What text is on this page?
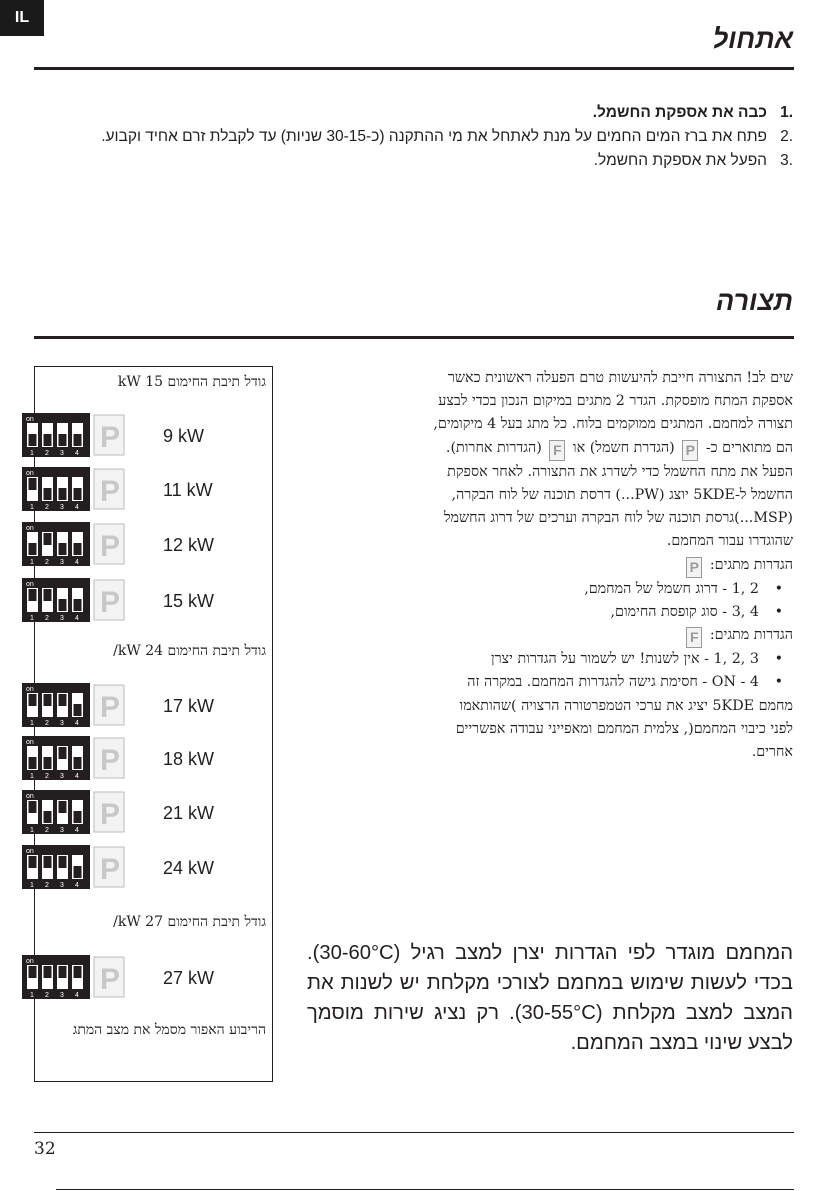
IL
אתחול
.1
כבה את אספקת החשמל.
.2
פתח את ברז המים החמים על מנת לאתחל את מי ההתקנה (כ-30-15 שניות) עד לקבלת זרם אחיד וקבוע.
.3
הפעל את אספקת החשמל.
תצורה
שים לב! התצורה חייבת להיעשות טרם הפעלה ראשונית כאשר
אספקת המתח מופסקת. הגדר 2 מתגים במיקום הנכון בכדי לבצע
תצורה למחמם. המתגים ממוקמים בלוח. כל מתג בעל 4 מיקומים,
הם מתוארים כ- P (הגדרת חשמל) או F (הגדרות אחרות).
הפעל את מתח החשמל כדי לשדרג את התצורה. לאחר אספקת
החשמל ל-5KDE יוצג (PW...) דרסת תוכנה של לוח הבקרה,
(MSP...)גרסת תוכנה של לוח הבקרה וערכים של דרוג החשמל
שהוגדרו עבור המחמם.
הגדרות מתגים: P
•
2 ,1 - דרוג חשמל של המחמם,
•
4 ,3 - סוג קופסת החימום,
הגדרות מתגים: F
•
3 ,2 ,1 - אין לשנות! יש לשמור על הגדרות יצרן
•
4 - ON - חסימת גישה להגדרות המחמם. במקרה זה
מחמם 5KDE יציג את ערכי הטמפרטורה הרצויה )שהותאמו
לפני כיבוי המחמם(, צלמית המחמם ומאפייני עבודה אפשריים
אחרים.
המחמם מוגדר לפי הגדרות יצרן למצב רגיל (30-60°C). בכדי לעשות שימוש במחמם לצורכי מקלחת יש לשנות את המצב למצב מקלחת (30-55°C). רק נציג שירות מוסמך לבצע שינוי במצב המחמם.
גודל תיבת החימום 15 kW
גודל תיבת החימום 24 kW/
גודל תיבת החימום 27 kW/
on
1 2 3 4 P 9 kW
on
1 2 3 4 P 11 kW
on
1 2 3 4 P 12 kW
on
1 2 3 4 P 15 kW
on
1 2 3 4 P 17 kW
on
1 2 3 4 P 18 kW
on
1 2 3 4 P 21 kW
on
1 2 3 4 P 24 kW
on
1 2 3 4 P 27 kW
הריבוע האפור מסמל את מצב המתג
32
